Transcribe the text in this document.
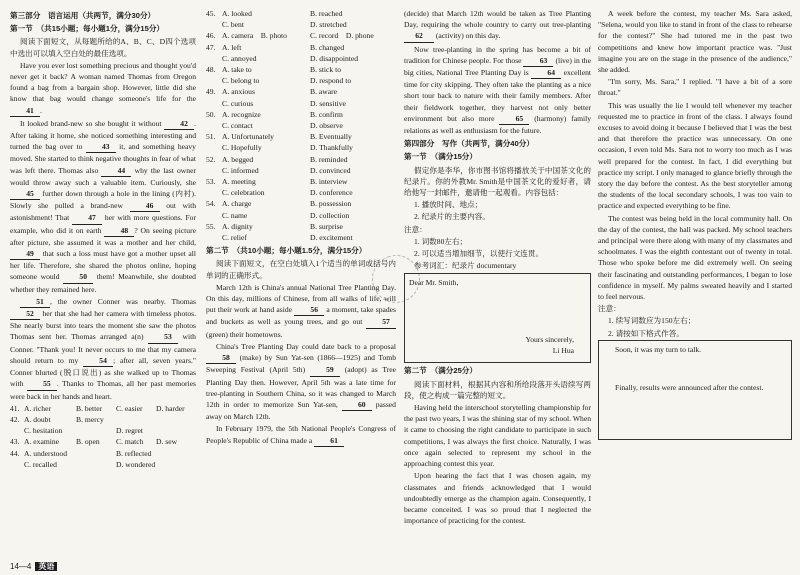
第三部分　语言运用（共两节，满分30分）
第一节　（共15小题；每小题1分，满分15分）

阅读下面短文，从每题所给的A、B、C、D四个选项中选出可以填入空白处的最佳选项。

Have you ever lost something precious and thought you'd never get it back? A woman named Thomas from Oregon found a bag from a bargain shop. However, little did she know that bag would change someone's life for the 41 .

It looked brand-new so she bought it without 42 . After taking it home, she noticed something interesting and turned the bag over to	43 it, and something heavy moved. She started to think negative thoughts in fear of what was left there. Thomas also	44 why the last owner would throw away such a valuable item. Curiously, she 45 further down through a hole in the lining (内衬). Slowly she pulled a brand-new	46 out with astonishment! That	47 her with more questions. For example, who did it on earth	48 ? On seeing picture after picture, she assumed it was a mother and her child, 49 that such a loss must have got a mother upset all her life. Therefore, she shared the photos online, hoping someone would	50 them! Meanwhile, she doubted whether they remained here.

51 , the owner Conner was nearby. Thomas 52 her that she had her camera with timeless photos. She nearly burst into tears the moment she saw the photos Thomas sent her. Thomas arranged a(n)	53 with Conner. "Thank you! It never occurs to me that my camera should return to my	54 ; after all, seven years." Conner blurted (脱口说出) as she walked up to Thomas with	55 . Thanks to Thomas, all her past memories were back in her hands and heart.

41. A. richer	B. better	C. easier	D. harder
42. A. doubt	B. mercy
C. hesitation	D. regret
43. A. examine	B. open	C. match	D. sew
44. A. understood	B. reflected
C. recalled	D. wondered
45. A. looked	B. reached
C. bent	D. stretched
46. A. camera　B. photo	C. record　D. phone
47. A. left	B. changed
C. annoyed	D. disappointed
48. A. take to	B. stick to
C. belong to	D. respond to
49. A. anxious	B. aware
C. curious	D. sensitive
50. A. recognize	B. confirm
C. contact	D. observe
51. A. Unfortunately	B. Eventually
C. Hopefully	D. Thankfully
52. A. begged	B. reminded
C. informed	D. convinced
53. A. meeting	B. interview
C. celebration	D. conference
54. A. charge	B. possession
C. name	D. collection
55. A. dignity	B. surprise
C. relief	D. excitement
第二节　（共10小题；每小题1.5分，满分15分）

阅读下面短文，在空白处填入1个适当的单词或括号内单词的正确形式。

March 12th is China's annual National Tree Planting Day. On this day, millions of Chinese, from all walks of life, will put their work at hand aside 56 a moment, take spades and buckets as well as young trees, and go out	57 (green) their hometowns.

China's Tree Planting Day could date back to a proposal 58 (make) by Sun Yat-sen (1866—1925) and Tomb Sweeping Festival (April 5th)	59 (adopt) as Tree Planting Day then. However, April 5th was a late time for tree-planting in Southern China, so it was changed to March 12th in order to memorize Sun Yat-sen,	60 passed away on March 12th.

In February 1979, the 5th National People's Congress of People's Republic of China made a 61

(decide) that March 12th would be taken as Tree Planting Day, requiring the whole country to carry out tree-planting 62 (activity) on this day.

Now tree-planting in the spring has become a bit of tradition for Chinese people. For those 63 (live) in the big cities, National Tree Planting Day is 64 excellent time for city skipping. They often take the planting as a nice short tour back to nature with their family members. After their fieldwork together, they harvest not only better environment but also more	65 (harmony) family relations as well as enthusiasm for the future.

第四部分　写作（共两节，满分40分）
第一节　（满分15分）

假定你是李华，你市图书馆将播放关于中国茶文化的纪录片。你的外教Mr. Smith是中国茶文化的爱好者，请给他写一封邮件，邀请他一起观看。内容包括：

1. 播放时间、地点；

2. 纪录片的主要内容。

注意：

1. 词数80左右；

2. 可以适当增加细节，以使行文连贯。

参考词汇：纪录片 documentary

Dear Mr. Smith,
Yours sincerely,
Li Hua
第二节　（满分25分）

阅读下面材料，根据其内容和所给段落开头语续写两段，使之构成一篇完整的短文。

Having held the interschool storytelling championship for the past two years, I was the shining star of my school. When it came to choosing the right candidate to participate in such competitions, I was always the first choice. Naturally, I was once again selected to represent my school in the approaching contest this year.

Upon hearing the fact that I was chosen again, my classmates and friends acknowledged that I would undoubtedly emerge as the champion again. Consequently, I became conceited. I was so proud that I neglected the importance of practicing for the contest.

A week before the contest, my teacher Ms. Sara asked, "Selena, would you like to stand in front of the class to rehearse for the contest?" She had tutored me in the past two competitions and knew how important practice was. "Just imagine you are on the stage in the presence of the audience," she added.

"I'm sorry, Ms. Sara," I replied. "I have a bit of a sore throat."

This was usually the lie I would tell whenever my teacher requested me to practice in front of the class. I always found excuses to avoid doing it because I believed that I was the best and that therefore the practice was unnecessary. On one occasion, I even told Ms. Sara not to worry too much as I was well prepared for the contest. In fact, I did everything but practice my script. I only managed to glance briefly through the story the day before the contest. As the best storyteller among the students of the local secondary schools, I was too vain to practice and expected everything to be fine.

The contest was being held in the local community hall. On the day of the contest, the hall was packed. My school teachers and principal were there along with many of my classmates and schoolmates. I was the eighth contestant out of twenty in total. Those who spoke before me did extremely well. On seeing their fascinating and outstanding performances, I began to lose confidence in myself. My palms sweated heavily and I started to feel nervous.

注意：

1. 续写词数应为150左右；

2. 请按如下格式作答。

Soon, it was my turn to talk.

Finally, results were announced after the contest.

14—4 英语
